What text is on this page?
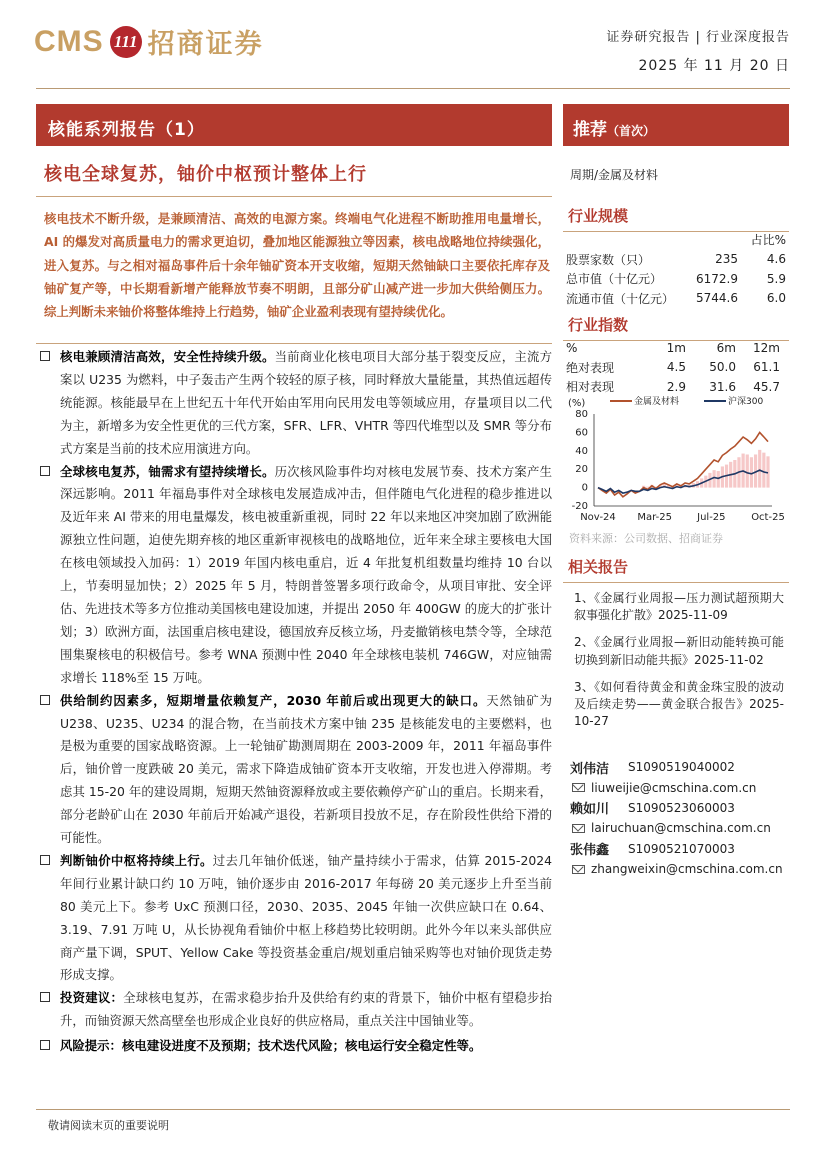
CMS 111 招商证券	证券研究报告 | 行业深度报告
2025 年 11 月 20 日
核能系列报告（1）	推荐（首次）
核电全球复苏，铀价中枢预计整体上行
核电技术不断升级，是兼顾清洁、高效的电源方案。终端电气化进程不断助推用电量增长，AI 的爆发对高质量电力的需求更迫切，叠加地区能源独立等因素，核电战略地位持续强化，进入复苏。与之相对福岛事件后十余年铀矿资本开支收缩，短期天然铀缺口主要依托库存及铀矿复产等，中长期看新增产能释放节奏不明朗，且部分矿山减产进一步加大供给侧压力。综上判断未来铀价将整体维持上行趋势，铀矿企业盈利表现有望持续优化。
核电兼顾清洁高效，安全性持续升级。当前商业化核电项目大部分基于裂变反应，主流方案以 U235 为燃料，中子轰击产生两个较轻的原子核，同时释放大量能量，其热值远超传统能源。核能最早在上世纪五十年代开始由军用向民用发电等领域应用，存量项目以二代为主，新增多为安全性更优的三代方案，SFR、LFR、VHTR 等四代堆型以及 SMR 等分布式方案是当前的技术应用演进方向。
全球核电复苏，铀需求有望持续增长。历次核风险事件均对核电发展节奏、技术方案产生深远影响。2011 年福島事件对全球核电发展造成冲击，但伴随电气化进程的稳步推进以及近年来 AI 带来的用电量爆发，核电被重新重视，同时 22 年以来地区冲突加剧了欧洲能源独立性问题，迫使先期弃核的地区重新审视核电的战略地位，近年来全球主要核电大国在核电领域投入加码：1）2019 年国内核电重启，近 4 年批复机组数量均维持 10 台以上，节奏明显加快；2）2025 年 5 月，特朗普签署多项行政命令，从项目审批、安全评估、先进技术等多方位推动美国核电建设加速，并提出 2050 年 400GW 的庞大的扩张计划；3）欧洲方面，法国重启核电建设，德国放弃反核立场，丹麦撤销核电禁令等，全球范围集聚核电的积极信号。参考 WNA 预测中性 2040 年全球核电装机 746GW，对应铀需求增长 118%至 15 万吨。
供给制约因素多，短期增量依赖复产，2030 年前后或出现更大的缺口。天然铀矿为 U238、U235、U234 的混合物，在当前技术方案中铀 235 是核能发电的主要燃料，也是极为重要的国家战略资源。上一轮铀矿勘测周期在 2003-2009 年，2011 年福岛事件后，铀价曾一度跌破 20 美元，需求下降造成铀矿资本开支收缩，开发也进入停滞期。考虑其 15-20 年的建设周期，短期天然铀资源释放或主要依赖停产矿山的重启。长期来看，部分老龄矿山在 2030 年前后开始减产退役，若新项目投放不足，存在阶段性供给下滑的可能性。
判断铀价中枢将持续上行。过去几年铀价低迷，铀产量持续小于需求，估算 2015-2024 年间行业累计缺口约 10 万吨，铀价逐步由 2016-2017 年每磅 20 美元逐步上升至当前 80 美元上下。参考 UxC 预测口径，2030、2035、2045 年铀一次供应缺口在 0.64、3.19、7.91 万吨 U，从长协视角看铀价中枢上移趋势比较明朗。此外今年以来头部供应商产量下调，SPUT、Yellow Cake 等投资基金重启/规划重启铀采购等也对铀价现货走势形成支撑。
投资建议：全球核电复苏，在需求稳步抬升及供给有约束的背景下，铀价中枢有望稳步抬升，而铀资源天然高壁垒也形成企业良好的供应格局，重点关注中国铀业等。
风险提示：核电建设进度不及预期；技术迭代风险；核电运行安全稳定性等。
周期/金属及材料
行业规模
		占比%
股票家数（只）	235	4.6
总市值（十亿元）	6172.9	5.9
流通市值（十亿元）	5744.6	6.0
行业指数
%	1m	6m	12m
绝对表现	4.5	50.0	61.1
相对表现	2.9	31.6	45.7
(%)
-20
0
20
40
60
80
金属及材料	沪深300
Nov-24 Mar-25	Jul-25	Oct-25
资料来源：公司数据、招商证券
相关报告
1、《金属行业周报—压力测试超预期大叙事强化扩散》2025-11-09
2、《金属行业周报—新旧动能转换可能切换到新旧动能共振》2025-11-02
3、《如何看待黄金和黄金珠宝股的波动及后续走势——黄金联合报告》2025-10-27
刘伟洁	S1090519040002
liuweijie@cmschina.com.cn
赖如川	S1090523060003
lairuchuan@cmschina.com.cn
张伟鑫	S1090521070003
zhangweixin@cmschina.com.cn
敬请阅读末页的重要说明
